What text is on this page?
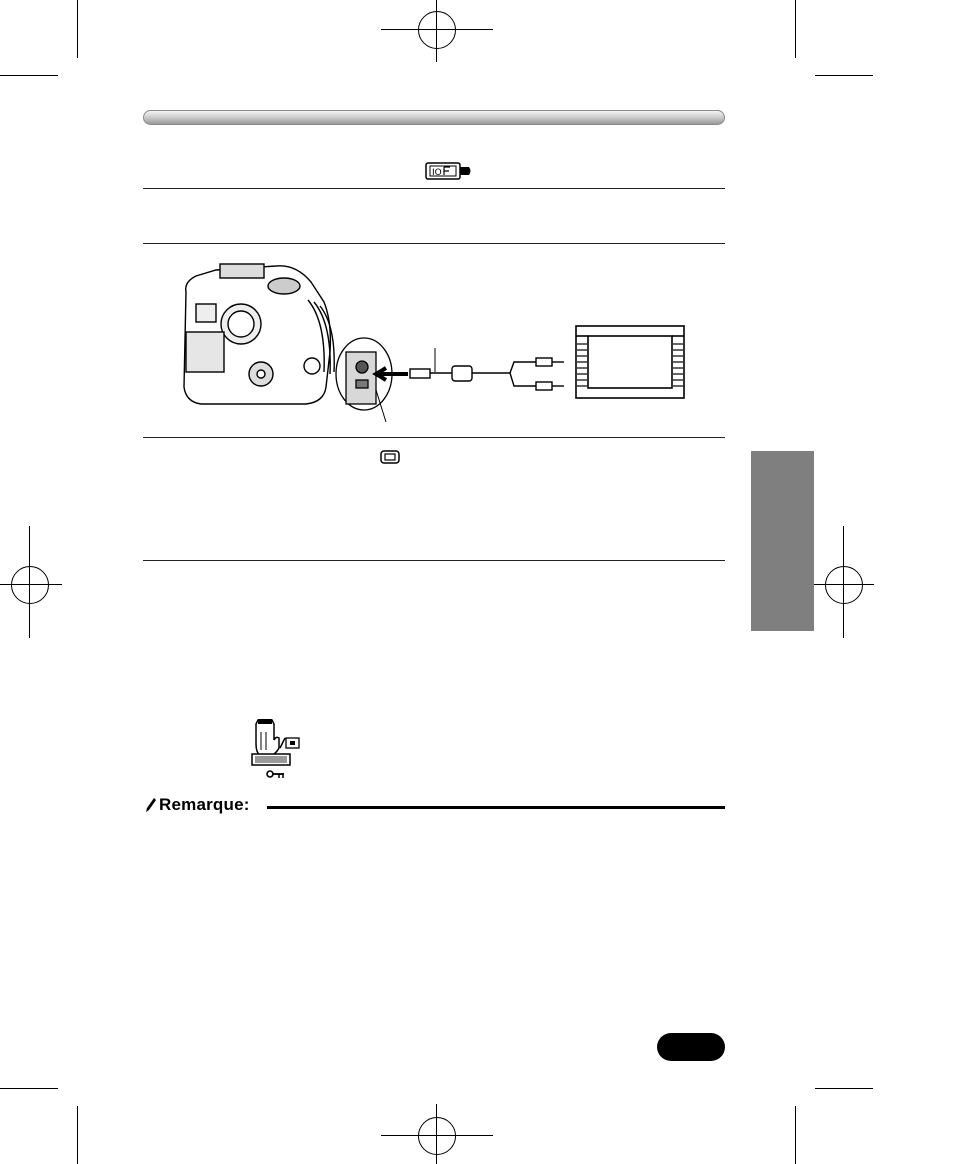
IO
Remarque:
